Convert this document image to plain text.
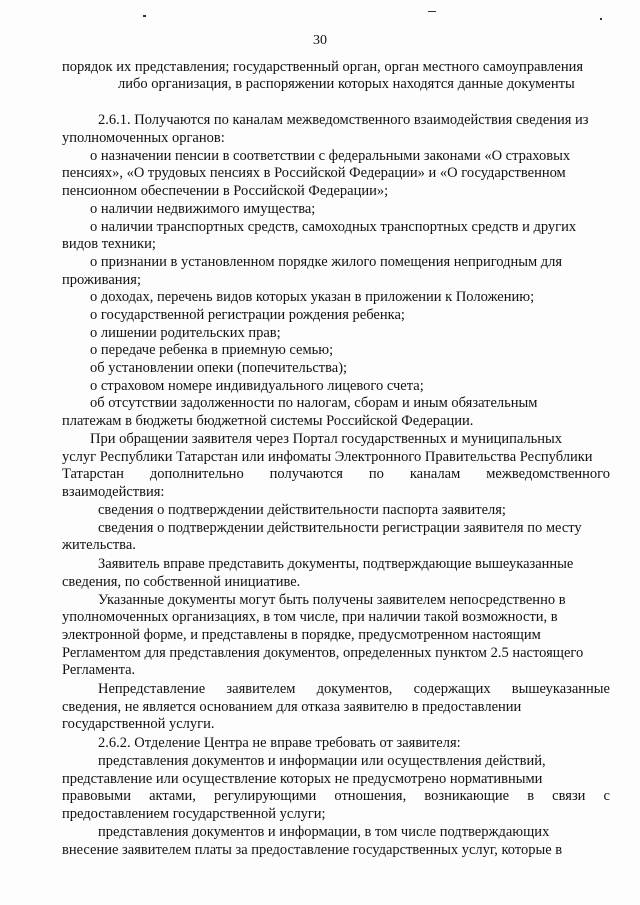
30
порядок их представления; государственный орган, орган местного самоуправления
либо организация, в распоряжении которых находятся данные документы
2.6.1. Получаются по каналам межведомственного взаимодействия сведения из
уполномоченных органов:
о назначении пенсии в соответствии с федеральными законами «О страховых
пенсиях», «О трудовых пенсиях в Российской Федерации» и «О государственном
пенсионном обеспечении в Российской Федерации»;
о наличии недвижимого имущества;
о наличии транспортных средств, самоходных транспортных средств и других
видов техники;
о признании в установленном порядке жилого помещения непригодным для
проживания;
о доходах, перечень видов которых указан в приложении к Положению;
о государственной регистрации рождения ребенка;
о лишении родительских прав;
о передаче ребенка в приемную семью;
об установлении опеки (попечительства);
о страховом номере индивидуального лицевого счета;
об отсутствии задолженности по налогам, сборам и иным обязательным
платежам в бюджеты бюджетной системы Российской Федерации.
При обращении заявителя через Портал государственных и муниципальных
услуг Республики Татарстан или инфоматы Электронного Правительства Республики
Татарстан дополнительно получаются по каналам межведомственного
взаимодействия:
сведения о подтверждении действительности паспорта заявителя;
сведения о подтверждении действительности регистрации заявителя по месту
жительства.
Заявитель вправе представить документы, подтверждающие вышеуказанные
сведения, по собственной инициативе.
Указанные документы могут быть получены заявителем непосредственно в
уполномоченных организациях, в том числе, при наличии такой возможности, в
электронной форме, и представлены в порядке, предусмотренном настоящим
Регламентом для представления документов, определенных пунктом 2.5 настоящего
Регламента.
Непредставление заявителем документов, содержащих вышеуказанные
сведения, не является основанием для отказа заявителю в предоставлении
государственной услуги.
2.6.2. Отделение Центра не вправе требовать от заявителя:
представления документов и информации или осуществления действий,
представление или осуществление которых не предусмотрено нормативными
правовыми актами, регулирующими отношения, возникающие в связи с
предоставлением государственной услуги;
представления документов и информации, в том числе подтверждающих
внесение заявителем платы за предоставление государственных услуг, которые в
